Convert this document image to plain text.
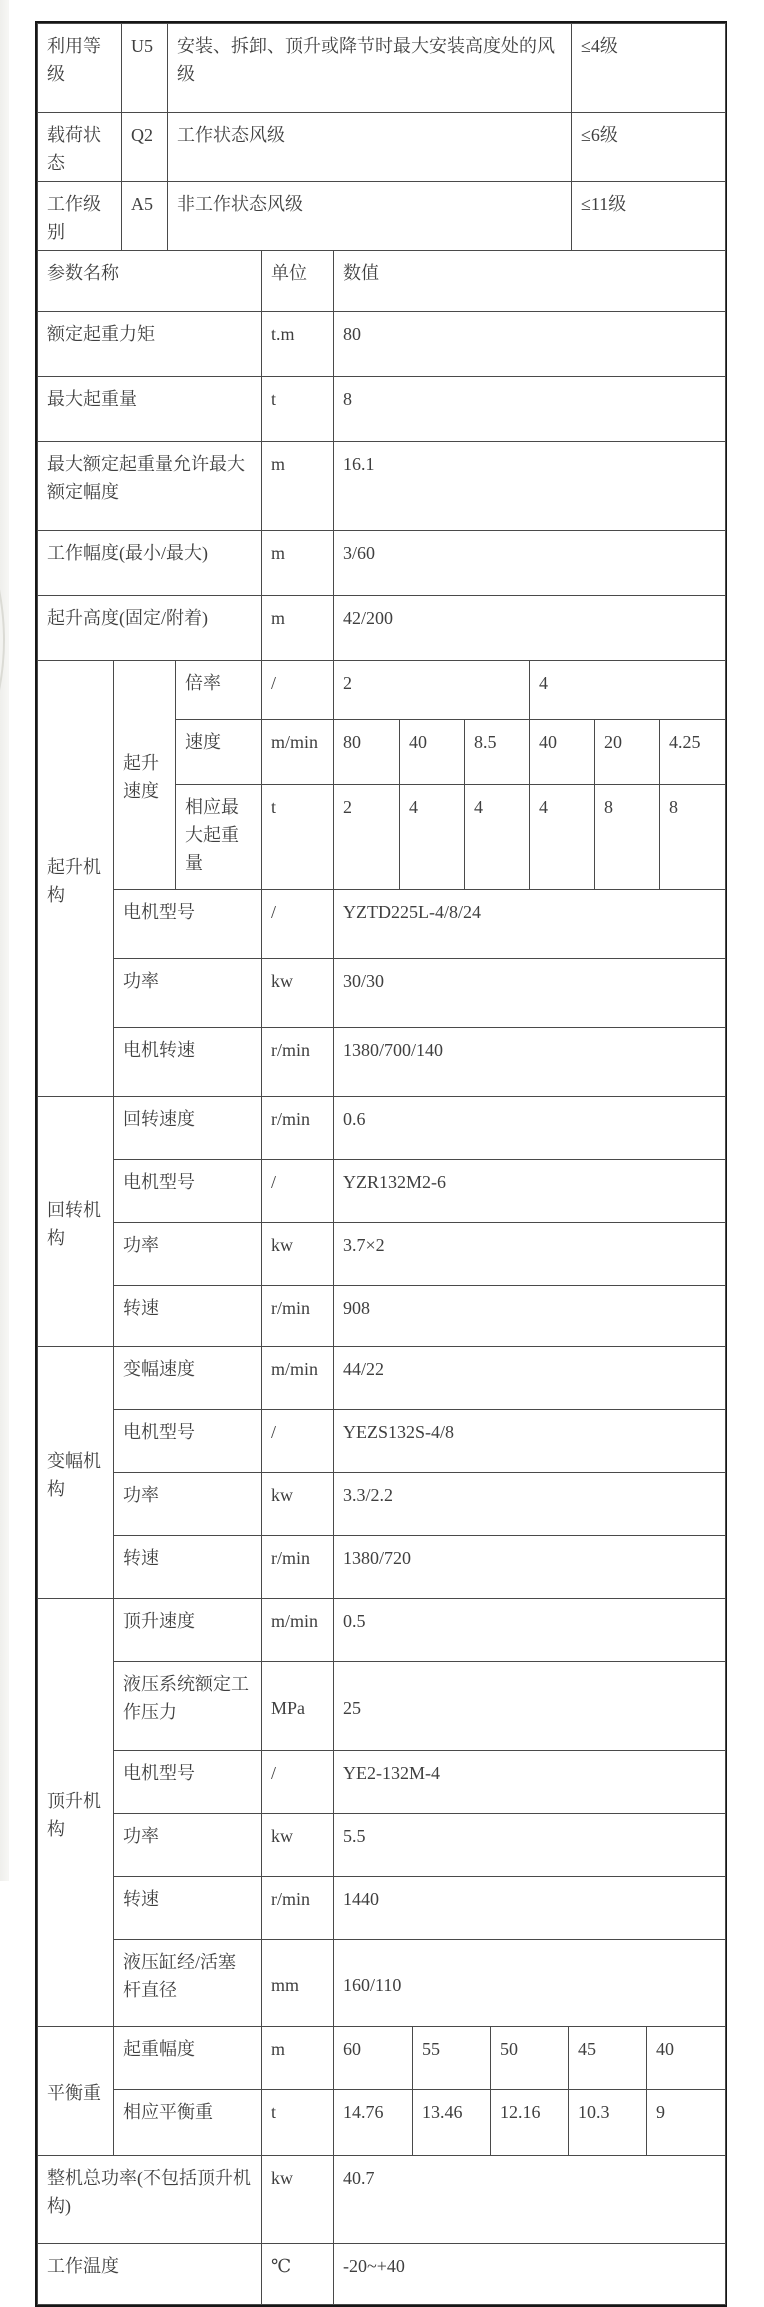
利用等级	U5	安装、拆卸、顶升或降节时最大安装高度处的风级	≤4级
载荷状态	Q2	工作状态风级	≤6级
工作级别	A5	非工作状态风级	≤11级
参数名称	单位	数值
额定起重力矩	t.m	80
最大起重量	t	8
最大额定起重量允许最大额定幅度	m	16.1
工作幅度(最小/最大)	m	3/60
起升高度(固定/附着)	m	42/200
起升机构	起升速度	倍率	/	2			4		
		速度	m/min	80	40	8.5	40	20	4.25
		相应最大起重量	t	2	4	4	4	8	8
	电机型号		/	YZTD225L-4/8/24					
	功率		kw	30/30					
	电机转速		r/min	1380/700/140					
回转机构	回转速度	r/min	0.6
	电机型号	/	YZR132M2-6
	功率	kw	3.7×2
	转速	r/min	908
变幅机构	变幅速度	m/min	44/22
	电机型号	/	YEZS132S-4/8
	功率	kw	3.3/2.2
	转速	r/min	1380/720
顶升机构	顶升速度	m/min	0.5
	液压系统额定工作压力	MPa	25
	电机型号	/	YE2-132M-4
	功率	kw	5.5
	转速	r/min	1440
	液压缸经/活塞杆直径	mm	160/110
平衡重	起重幅度	m	60	55	50	45	40
	相应平衡重	t	14.76	13.46	12.16	10.3	9
整机总功率(不包括顶升机构)	kw	40.7
工作温度	℃	-20~+40
